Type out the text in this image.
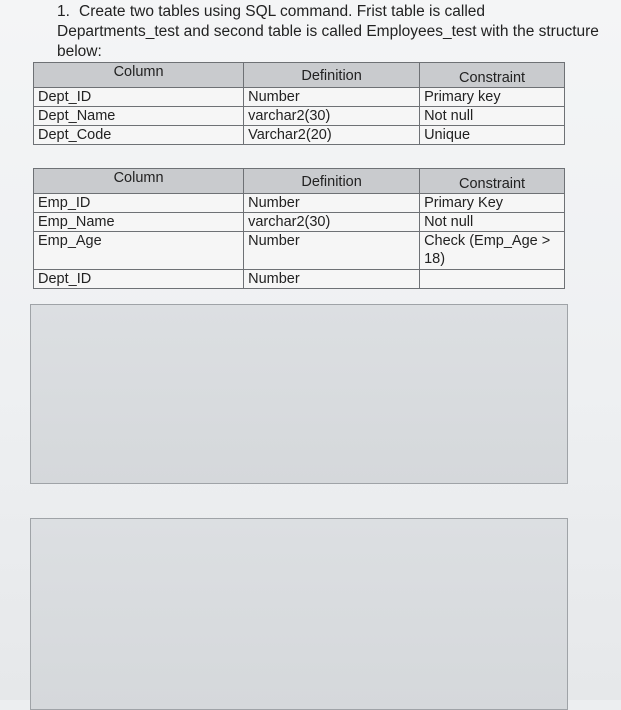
1. Create two tables using SQL command. Frist table is called Departments_test and second table is called Employees_test with the structure below:
Column	Definition	Constraint
Dept_ID	Number	Primary key
Dept_Name	varchar2(30)	Not null
Dept_Code	Varchar2(20)	Unique
Column	Definition	Constraint
Emp_ID	Number	Primary Key
Emp_Name	varchar2(30)	Not null
Emp_Age	Number	Check (Emp_Age > 18)
Dept_ID	Number	
